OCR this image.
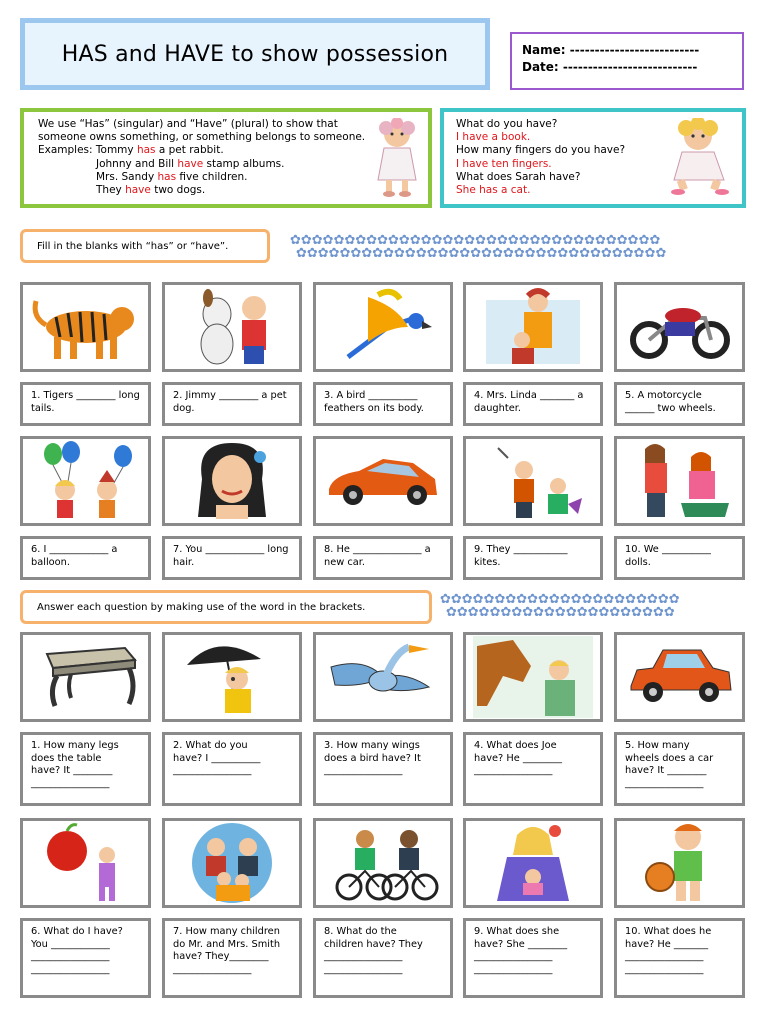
HAS and HAVE to show possession	Name: --------------------------
Date: ---------------------------
We use “Has” (singular) and “Have” (plural) to show that
someone owns something, or something belongs to someone.
Examples: Tommy has a pet rabbit.
Johnny and Bill have stamp albums.
Mrs. Sandy has five children.
They have two dogs.
What do you have?
I have a book.
How many fingers do you have?
I have ten fingers.
What does Sarah have?
She has a cat.
Fill in the blanks with “has” or “have”.	✿✿✿✿✿✿✿✿✿✿✿✿✿✿✿✿✿✿✿✿✿✿✿✿✿✿✿✿✿✿✿✿✿✿
✿✿✿✿✿✿✿✿✿✿✿✿✿✿✿✿✿✿✿✿✿✿✿✿✿✿✿✿✿✿✿✿✿✿
1. Tigers ________ long tails.
2. Jimmy ________ a pet dog.
3. A bird __________ feathers on its body.
4. Mrs. Linda _______ a daughter.
5. A motorcycle ______ two wheels.
6. I ____________ a balloon.
7. You ____________ long hair.
8. He ______________ a new car.
9. They ___________ kites.
10. We __________ dolls.
Answer each question by making use of the word in the brackets.	✿✿✿✿✿✿✿✿✿✿✿✿✿✿✿✿✿✿✿✿✿✿
✿✿✿✿✿✿✿✿✿✿✿✿✿✿✿✿✿✿✿✿✿
1. How many legs
does the table
have? It ________
________________
2. What do you
have? I __________
________________
3. How many wings
does a bird have? It
________________
4. What does Joe
have? He ________
________________
5. How many
wheels does a car
have? It ________
________________
6. What do I have?
You ____________
________________
________________
7. How many children
do Mr. and Mrs. Smith
have? They________
________________
8. What do the
children have? They
________________
________________
9. What does she
have? She ________
________________
________________
10. What does he
have? He _______
________________
________________
